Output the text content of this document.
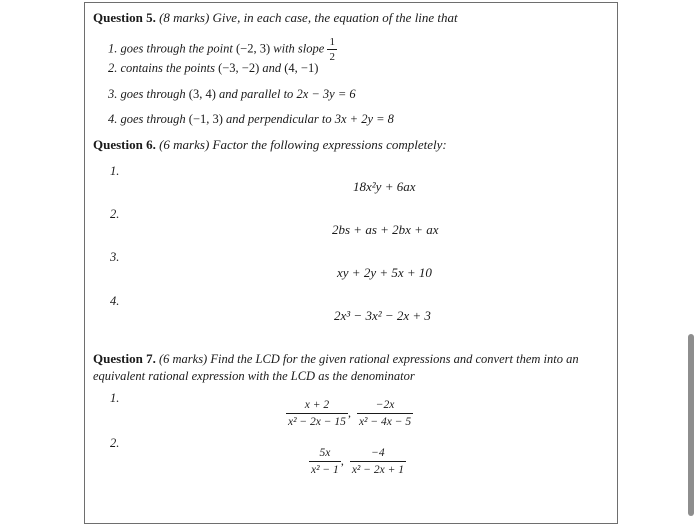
Question 5. (8 marks) Give, in each case, the equation of the line that
1. goes through the point (−2, 3) with slope $\frac{1}{2}$
2. contains the points (−3, −2) and (4, −1)
3. goes through (3, 4) and parallel to 2x − 3y = 6
4. goes through (−1, 3) and perpendicular to 3x + 2y = 8
Question 6. (6 marks) Factor the following expressions completely:
1.
18x²y + 6ax
2.
2bs + as + 2bx + ax
3.
xy + 2y + 5x + 10
4.
2x³ − 3x² − 2x + 3
Question 7. (6 marks) Find the LCD for the given rational expressions and convert them into an
equivalent rational expression with the LCD as the denominator
1.	$\frac{x + 2}{\text{x² − 2x − 15}}$ , $\frac{-2x}{\text{x² − 4x − 5}}$
2.
$\frac{5x}{\text{x² − 1}}$ , $\frac{-4}{\text{x² − 2x + 1}}$
